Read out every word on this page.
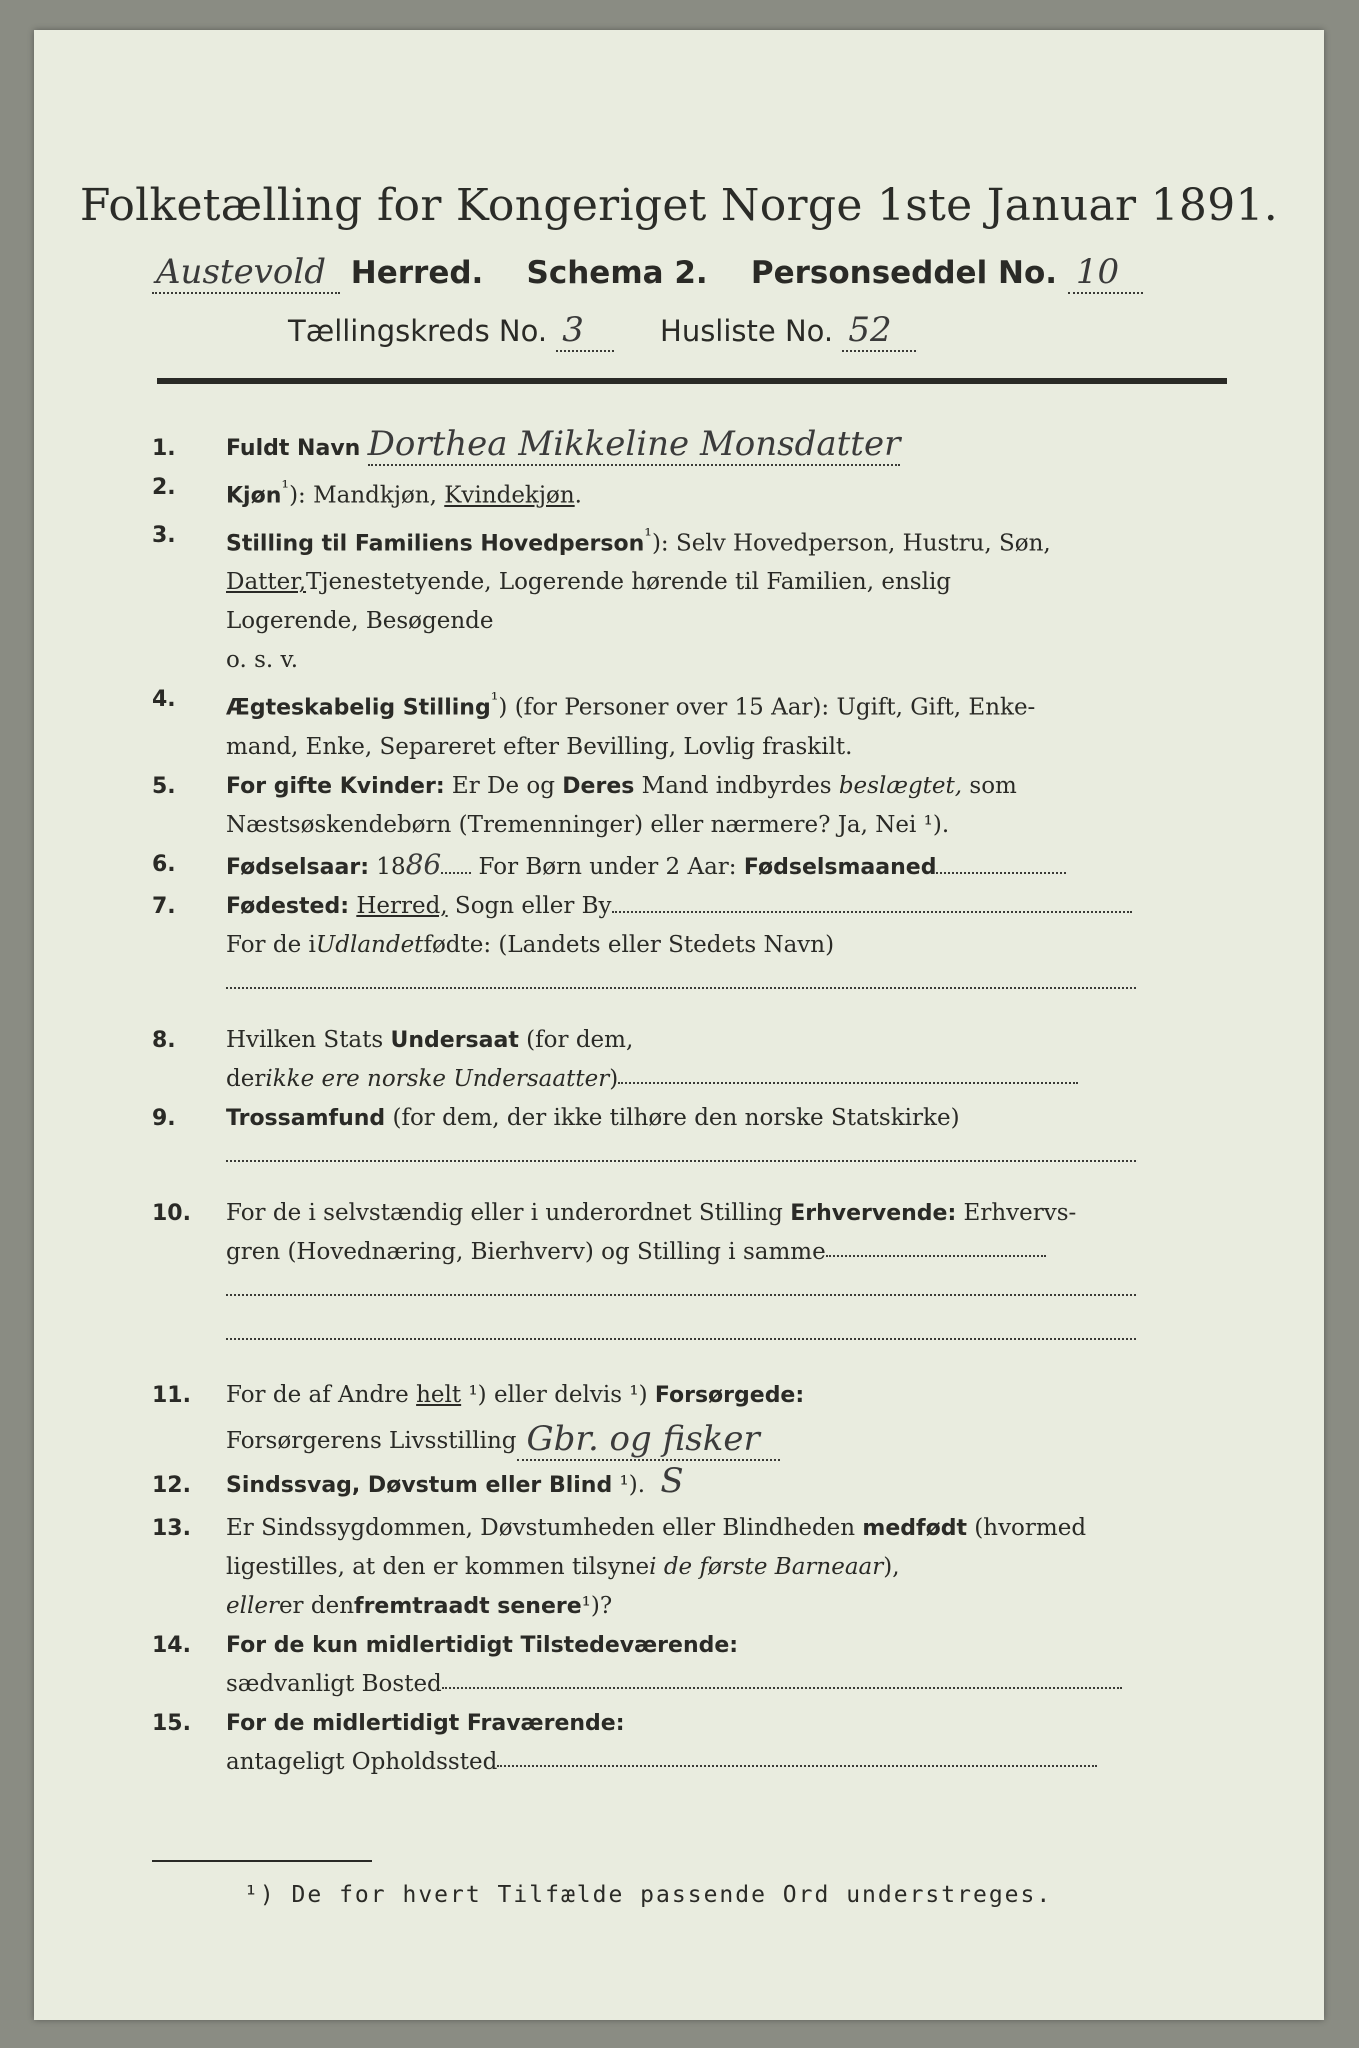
Folketælling for Kongeriget Norge 1ste Januar 1891.
Austevold Herred. Schema 2. Personseddel No. 10
Tællingskreds No. 3	Husliste No. 52
1.	Fuldt Navn Dorthea Mikkeline Monsdatter
2.	Kjøn$^{^1}$): Mandkjøn, Kvindekjøn.
3.	Stilling til Familiens Hovedperson$^{^1}$): Selv Hovedperson, Hustru, Søn,
Datter, Tjenestetyende, Logerende hørende til Familien, enslig
Logerende, Besøgende
o. s. v.
4.	Ægteskabelig Stilling$^{^1}$) (for Personer over 15 Aar): Ugift, Gift, Enke-
mand, Enke, Separeret efter Bevilling, Lovlig fraskilt.
5.	For gifte Kvinder: Er De og Deres Mand indbyrdes beslægtet, som
Næstsøskendebørn (Tremenninger) eller nærmere? Ja, Nei ¹).
6.	Fødselsaar: 1886 For Børn under 2 Aar: Fødselsmaaned
7.	Fødested: Herred, Sogn eller By
For de i Udlandet fødte: (Landets eller Stedets Navn)
8.	Hvilken Stats Undersaat (for dem,
der ikke ere norske Undersaatter )
9.	Trossamfund (for dem, der ikke tilhøre den norske Statskirke)
10.	For de i selvstændig eller i underordnet Stilling Erhvervende: Erhvervs-
gren (Hovednæring, Bierhverv) og Stilling i samme
11.	For de af Andre helt ¹) eller delvis ¹) Forsørgede:
Forsørgerens Livsstilling Gbr. og fisker
12.	Sindssvag, Døvstum eller Blind ¹). S
13.	Er Sindssygdommen, Døvstumheden eller Blindheden medfødt (hvormed
ligestilles, at den er kommen tilsyne i de første Barneaar ),
eller er den fremtraadt senere ¹)?
14.	For de kun midlertidigt Tilstedeværende:
sædvanligt Bosted
15.	For de midlertidigt Fraværende:
antageligt Opholdssted
¹) De for hvert Tilfælde passende Ord understreges.
